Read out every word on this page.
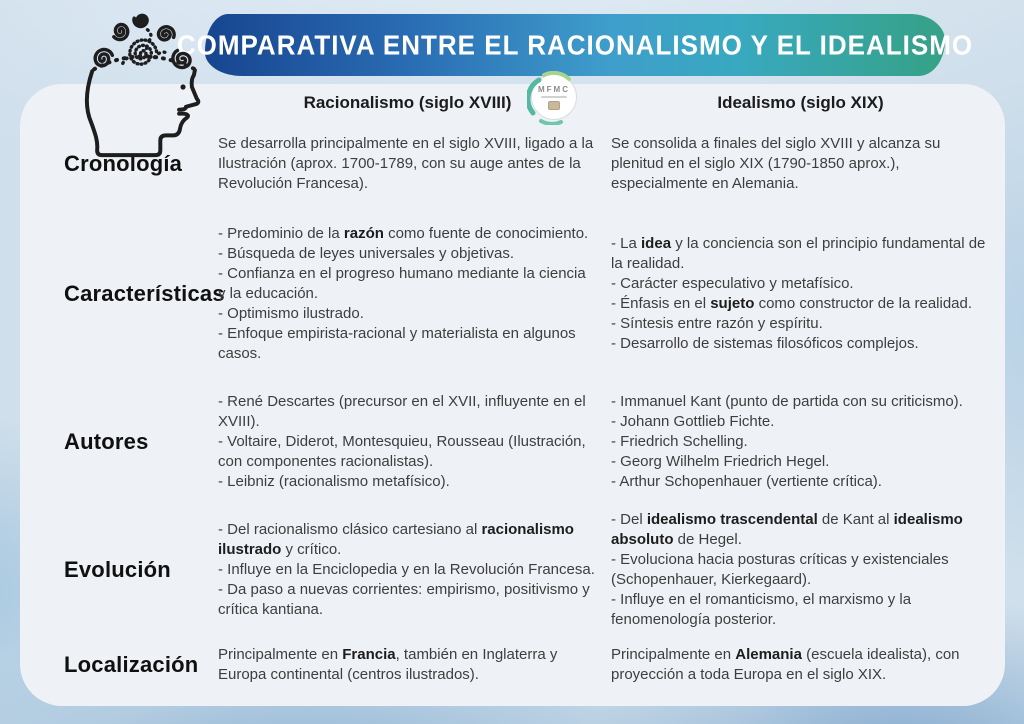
Racionalismo (siglo XVIII)	Idealismo (siglo XIX)
Cronología
Se desarrolla principalmente en el siglo XVIII, ligado a la Ilustración (aprox. 1700-1789, con su auge antes de la Revolución Francesa).
Se consolida a finales del siglo XVIII y alcanza su plenitud en el siglo XIX (1790-1850 aprox.), especialmente en Alemania.
Características
- Predominio de la razón como fuente de conocimiento.
- Búsqueda de leyes universales y objetivas.
- Confianza en el progreso humano mediante la ciencia y la educación.
- Optimismo ilustrado.
- Enfoque empirista-racional y materialista en algunos casos.
- La idea y la conciencia son el principio fundamental de la realidad.
- Carácter especulativo y metafísico.
- Énfasis en el sujeto como constructor de la realidad.
- Síntesis entre razón y espíritu.
- Desarrollo de sistemas filosóficos complejos.
Autores
- René Descartes (precursor en el XVII, influyente en el XVIII).
- Voltaire, Diderot, Montesquieu, Rousseau (Ilustración, con componentes racionalistas).
- Leibniz (racionalismo metafísico).
- Immanuel Kant (punto de partida con su criticismo).
- Johann Gottlieb Fichte.
- Friedrich Schelling.
- Georg Wilhelm Friedrich Hegel.
- Arthur Schopenhauer (vertiente crítica).
Evolución
- Del racionalismo clásico cartesiano al racionalismo ilustrado y crítico.
- Influye en la Enciclopedia y en la Revolución Francesa.
- Da paso a nuevas corrientes: empirismo, positivismo y crítica kantiana.
- Del idealismo trascendental de Kant al idealismo absoluto de Hegel.
- Evoluciona hacia posturas críticas y existenciales (Schopenhauer, Kierkegaard).
- Influye en el romanticismo, el marxismo y la fenomenología posterior.
Localización	Principalmente en Francia, también en Inglaterra y Europa continental (centros ilustrados).
Principalmente en Alemania (escuela idealista), con proyección a toda Europa en el siglo XIX.
COMPARATIVA ENTRE EL RACIONALISMO Y EL IDEALISMO
MFMC
